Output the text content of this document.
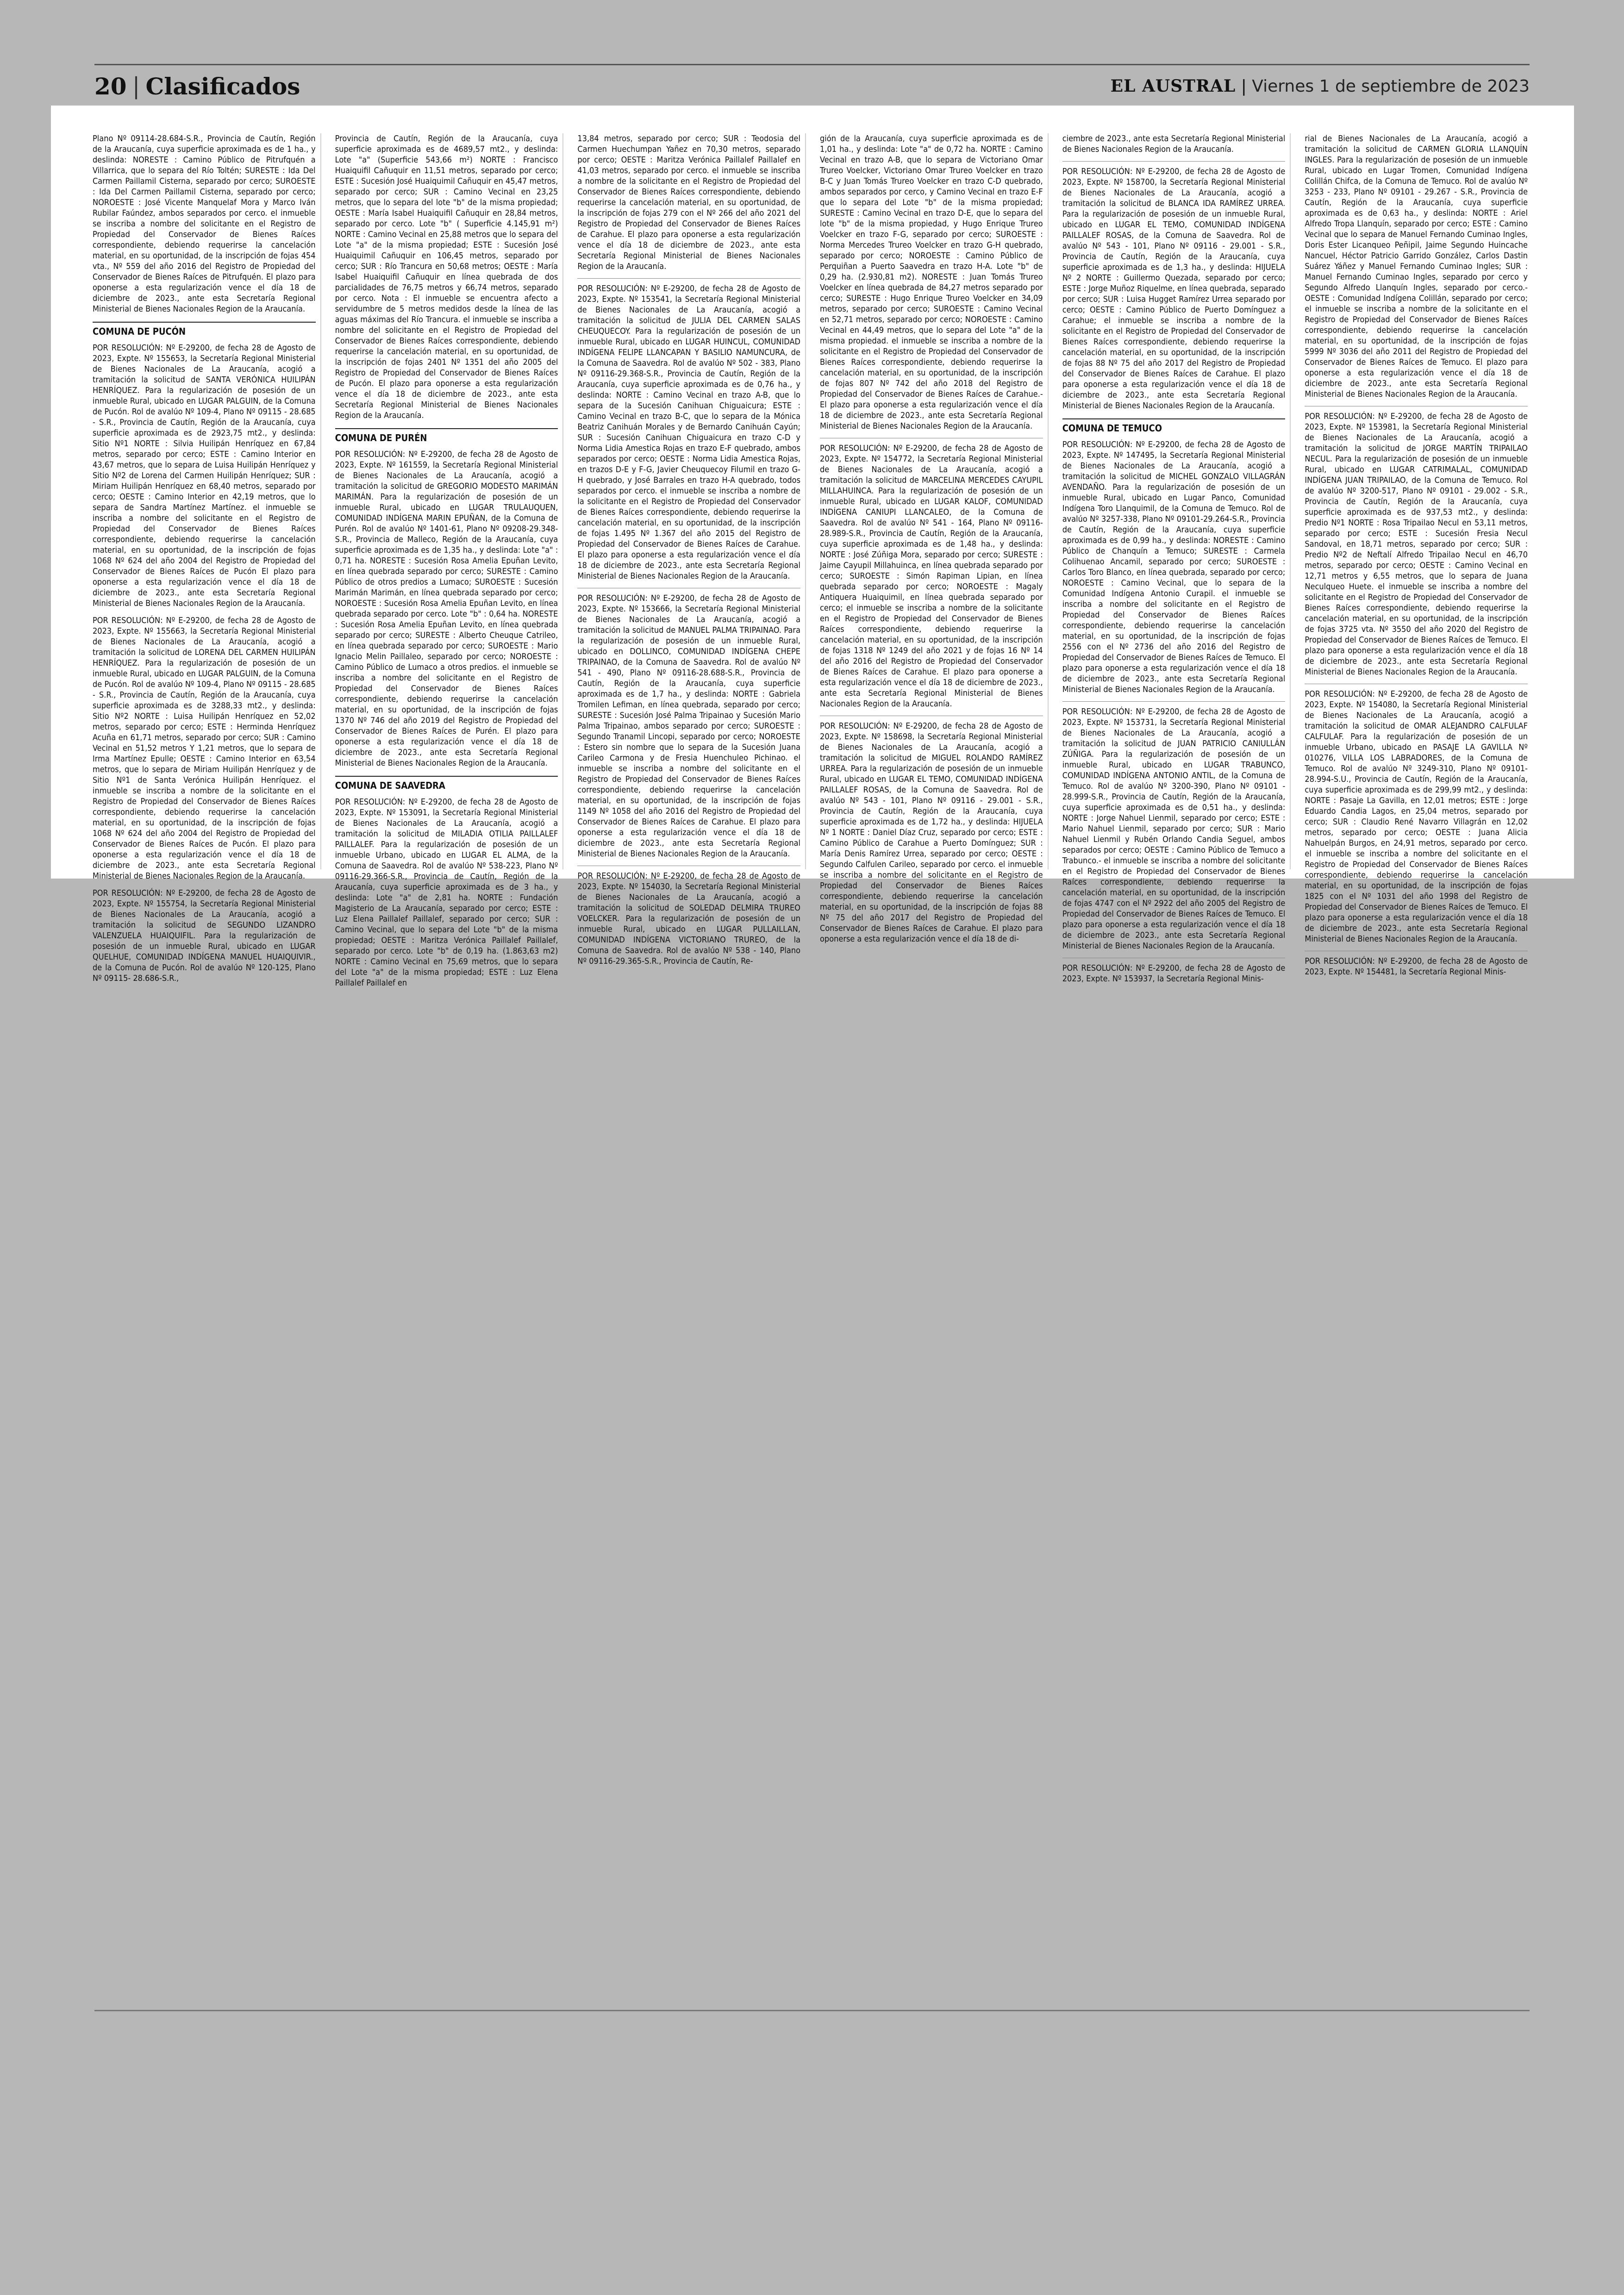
20 | Clasificados	EL AUSTRAL | Viernes 1 de septiembre de 2023

Plano Nº 09114-28.684-S.R., Provincia de Cautín, Región de la Araucanía, cuya superficie aproximada es de 1 ha., y deslinda: NORESTE : Camino Público de Pitrufquén a Villarrica, que lo separa del Río Toltén; SURESTE : Ida Del Carmen Paillamil Cisterna, separado por cerco; SUROESTE : Ida Del Carmen Paillamil Cisterna, separado por cerco; NOROESTE : José Vicente Manquelaf Mora y Marco Iván Rubilar Faúndez, ambos separados por cerco. el inmueble se inscriba a nombre del solicitante en el Registro de Propiedad del Conservador de Bienes Raíces correspondiente, debiendo requerirse la cancelación material, en su oportunidad, de la inscripción de fojas 454 vta., Nº 559 del año 2016 del Registro de Propiedad del Conservador de Bienes Raíces de Pitrufquén. El plazo para oponerse a esta regularización vence el día 18 de diciembre de 2023., ante esta Secretaría Regional Ministerial de Bienes Nacionales Region de la Araucanía.

COMUNA DE PUCÓN

POR RESOLUCIÓN: Nº E-29200, de fecha 28 de Agosto de 2023, Expte. Nº 155653, la Secretaría Regional Ministerial de Bienes Nacionales de La Araucanía, acogió a tramitación la solicitud de SANTA VERÓNICA HUILIPÁN HENRÍQUEZ. Para la regularización de posesión de un inmueble Rural, ubicado en LUGAR PALGUIN, de la Comuna de Pucón. Rol de avalúo Nº 109-4, Plano Nº 09115 - 28.685 - S.R., Provincia de Cautín, Región de la Araucanía, cuya superficie aproximada es de 2923,75 mt2., y deslinda: Sitio Nº1 NORTE : Silvia Huilipán Henríquez en 67,84 metros, separado por cerco; ESTE : Camino Interior en 43,67 metros, que lo separa de Luisa Huilipán Henríquez y Sitio Nº2 de Lorena del Carmen Huilipán Henríquez; SUR : Miriam Huilipán Henríquez en 68,40 metros, separado por cerco; OESTE : Camino Interior en 42,19 metros, que lo separa de Sandra Martínez Martínez. el inmueble se inscriba a nombre del solicitante en el Registro de Propiedad del Conservador de Bienes Raíces correspondiente, debiendo requerirse la cancelación material, en su oportunidad, de la inscripción de fojas 1068 Nº 624 del año 2004 del Registro de Propiedad del Conservador de Bienes Raíces de Pucón El plazo para oponerse a esta regularización vence el día 18 de diciembre de 2023., ante esta Secretaría Regional Ministerial de Bienes Nacionales Region de la Araucanía.

POR RESOLUCIÓN: Nº E-29200, de fecha 28 de Agosto de 2023, Expte. Nº 155663, la Secretaría Regional Ministerial de Bienes Nacionales de La Araucanía, acogió a tramitación la solicitud de LORENA DEL CARMEN HUILIPÁN HENRÍQUEZ. Para la regularización de posesión de un inmueble Rural, ubicado en LUGAR PALGUIN, de la Comuna de Pucón. Rol de avalúo Nº 109-4, Plano Nº 09115 - 28.685 - S.R., Provincia de Cautín, Región de la Araucanía, cuya superficie aproximada es de 3288,33 mt2., y deslinda: Sitio Nº2 NORTE : Luisa Huilipán Henríquez en 52,02 metros, separado por cerco; ESTE : Herminda Henríquez Acuña en 61,71 metros, separado por cerco; SUR : Camino Vecinal en 51,52 metros Y 1,21 metros, que lo separa de Irma Martínez Epulle; OESTE : Camino Interior en 63,54 metros, que lo separa de Miriam Huilipán Henríquez y de Sitio Nº1 de Santa Verónica Huilipán Henríquez. el inmueble se inscriba a nombre de la solicitante en el Registro de Propiedad del Conservador de Bienes Raíces correspondiente, debiendo requerirse la cancelación material, en su oportunidad, de la inscripción de fojas 1068 Nº 624 del año 2004 del Registro de Propiedad del Conservador de Bienes Raíces de Pucón. El plazo para oponerse a esta regularización vence el día 18 de diciembre de 2023., ante esta Secretaría Regional Ministerial de Bienes Nacionales Region de la Araucanía.

POR RESOLUCIÓN: Nº E-29200, de fecha 28 de Agosto de 2023, Expte. Nº 155754, la Secretaría Regional Ministerial de Bienes Nacionales de La Araucanía, acogió a tramitación la solicitud de SEGUNDO LIZANDRO VALENZUELA HUAIQUIFIL. Para la regularización de posesión de un inmueble Rural, ubicado en LUGAR QUELHUE, COMUNIDAD INDÍGENA MANUEL HUAIQUIVIR., de la Comuna de Pucón. Rol de avalúo Nº 120-125, Plano Nº 09115- 28.686-S.R.,

Provincia de Cautín, Región de la Araucanía, cuya superficie aproximada es de 4689,57 mt2., y deslinda: Lote "a" (Superficie 543,66 m²) NORTE : Francisco Huaiquifil Cañuquir en 11,51 metros, separado por cerco; ESTE : Sucesión José Huaiquimil Cañuquir en 45,47 metros, separado por cerco; SUR : Camino Vecinal en 23,25 metros, que lo separa del lote "b" de la misma propiedad; OESTE : María Isabel Huaiquifil Cañuquir en 28,84 metros, separado por cerco. Lote "b" ( Superficie 4.145,91 m²) NORTE : Camino Vecinal en 25,88 metros que lo separa del Lote "a" de la misma propiedad; ESTE : Sucesión José Huaiquimil Cañuquir en 106,45 metros, separado por cerco; SUR : Río Trancura en 50,68 metros; OESTE : María Isabel Huaiquifil Cañuquir en línea quebrada de dos parcialidades de 76,75 metros y 66,74 metros, separado por cerco. Nota : El inmueble se encuentra afecto a servidumbre de 5 metros medidos desde la línea de las aguas máximas del Río Trancura. el inmueble se inscriba a nombre del solicitante en el Registro de Propiedad del Conservador de Bienes Raíces correspondiente, debiendo requerirse la cancelación material, en su oportunidad, de la inscripción de fojas 2401 Nº 1351 del año 2005 del Registro de Propiedad del Conservador de Bienes Raíces de Pucón. El plazo para oponerse a esta regularización vence el día 18 de diciembre de 2023., ante esta Secretaría Regional Ministerial de Bienes Nacionales Region de la Araucanía.

COMUNA DE PURÉN

POR RESOLUCIÓN: Nº E-29200, de fecha 28 de Agosto de 2023, Expte. Nº 161559, la Secretaría Regional Ministerial de Bienes Nacionales de La Araucanía, acogió a tramitación la solicitud de GREGORIO MODESTO MARIMÁN MARIMÁN. Para la regularización de posesión de un inmueble Rural, ubicado en LUGAR TRULAUQUEN, COMUNIDAD INDÍGENA MARIN EPUÑAN, de la Comuna de Purén. Rol de avalúo Nº 1401-61, Plano Nº 09208-29.348-S.R., Provincia de Malleco, Región de la Araucanía, cuya superficie aproximada es de 1,35 ha., y deslinda: Lote "a" : 0,71 ha. NORESTE : Sucesión Rosa Amelia Epuñan Levito, en línea quebrada separado por cerco; SURESTE : Camino Público de otros predios a Lumaco; SUROESTE : Sucesión Marimán Marimán, en línea quebrada separado por cerco; NOROESTE : Sucesión Rosa Amelia Epuñan Levito, en línea quebrada separado por cerco. Lote "b" : 0,64 ha. NORESTE : Sucesión Rosa Amelia Epuñan Levito, en línea quebrada separado por cerco; SURESTE : Alberto Cheuque Catrileo, en línea quebrada separado por cerco; SUROESTE : Mario Ignacio Melin Paillaleo, separado por cerco; NOROESTE : Camino Público de Lumaco a otros predios. el inmueble se inscriba a nombre del solicitante en el Registro de Propiedad del Conservador de Bienes Raíces correspondiente, debiendo requerirse la cancelación material, en su oportunidad, de la inscripción de fojas 1370 Nº 746 del año 2019 del Registro de Propiedad del Conservador de Bienes Raíces de Purén. El plazo para oponerse a esta regularización vence el día 18 de diciembre de 2023., ante esta Secretaría Regional Ministerial de Bienes Nacionales Region de la Araucanía.

COMUNA DE SAAVEDRA

POR RESOLUCIÓN: Nº E-29200, de fecha 28 de Agosto de 2023, Expte. Nº 153091, la Secretaría Regional Ministerial de Bienes Nacionales de La Araucanía, acogió a tramitación la solicitud de MILADIA OTILIA PAILLALEF PAILLALEF. Para la regularización de posesión de un inmueble Urbano, ubicado en LUGAR EL ALMA, de la Comuna de Saavedra. Rol de avalúo Nº 538-223, Plano Nº 09116-29.366-S.R., Provincia de Cautín, Región de la Araucanía, cuya superficie aproximada es de 3 ha., y deslinda: Lote "a" de 2,81 ha. NORTE : Fundación Magisterio de La Araucanía, separado por cerco; ESTE : Luz Elena Paillalef Paillalef, separado por cerco; SUR : Camino Vecinal, que lo separa del Lote "b" de la misma propiedad; OESTE : Maritza Verónica Paillalef Paillalef, separado por cerco. Lote "b" de 0,19 ha. (1.863,63 m2) NORTE : Camino Vecinal en 75,69 metros, que lo separa del Lote "a" de la misma propiedad; ESTE : Luz Elena Paillalef Paillalef en

13,84 metros, separado por cerco; SUR : Teodosia del Carmen Huechumpan Yañez en 70,30 metros, separado por cerco; OESTE : Maritza Verónica Paillalef Paillalef en 41,03 metros, separado por cerco. el inmueble se inscriba a nombre de la solicitante en el Registro de Propiedad del Conservador de Bienes Raíces correspondiente, debiendo requerirse la cancelación material, en su oportunidad, de la inscripción de fojas 279 con el Nº 266 del año 2021 del Registro de Propiedad del Conservador de Bienes Raíces de Carahue. El plazo para oponerse a esta regularización vence el día 18 de diciembre de 2023., ante esta Secretaría Regional Ministerial de Bienes Nacionales Region de la Araucanía.

POR RESOLUCIÓN: Nº E-29200, de fecha 28 de Agosto de 2023, Expte. Nº 153541, la Secretaría Regional Ministerial de Bienes Nacionales de La Araucanía, acogió a tramitación la solicitud de JULIA DEL CARMEN SALAS CHEUQUECOY. Para la regularización de posesión de un inmueble Rural, ubicado en LUGAR HUINCUL, COMUNIDAD INDÍGENA FELIPE LLANCAPAN Y BASILIO NAMUNCURA, de la Comuna de Saavedra. Rol de avalúo Nº 502 - 383, Plano Nº 09116-29.368-S.R., Provincia de Cautín, Región de la Araucanía, cuya superficie aproximada es de 0,76 ha., y deslinda: NORTE : Camino Vecinal en trazo A-B, que lo separa de la Sucesión Canihuan Chiguaicura; ESTE : Camino Vecinal en trazo B-C, que lo separa de la Mónica Beatriz Canihuán Morales y de Bernardo Canihuán Cayún; SUR : Sucesión Canihuan Chiguaicura en trazo C-D y Norma Lidia Amestica Rojas en trazo E-F quebrado, ambos separados por cerco; OESTE : Norma Lidia Amestica Rojas, en trazos D-E y F-G, Javier Cheuquecoy Filumil en trazo G-H quebrado, y José Barrales en trazo H-A quebrado, todos separados por cerco. el inmueble se inscriba a nombre de la solicitante en el Registro de Propiedad del Conservador de Bienes Raíces correspondiente, debiendo requerirse la cancelación material, en su oportunidad, de la inscripción de fojas 1.495 Nº 1.367 del año 2015 del Registro de Propiedad del Conservador de Bienes Raíces de Carahue. El plazo para oponerse a esta regularización vence el día 18 de diciembre de 2023., ante esta Secretaría Regional Ministerial de Bienes Nacionales Region de la Araucanía.

POR RESOLUCIÓN: Nº E-29200, de fecha 28 de Agosto de 2023, Expte. Nº 153666, la Secretaría Regional Ministerial de Bienes Nacionales de La Araucanía, acogió a tramitación la solicitud de MANUEL PALMA TRIPAINAO. Para la regularización de posesión de un inmueble Rural, ubicado en DOLLINCO, COMUNIDAD INDÍGENA CHEPE TRIPAINAO, de la Comuna de Saavedra. Rol de avalúo Nº 541 - 490, Plano Nº 09116-28.688-S.R., Provincia de Cautín, Región de la Araucanía, cuya superficie aproximada es de 1,7 ha., y deslinda: NORTE : Gabriela Tromilen Lefiman, en línea quebrada, separado por cerco; SURESTE : Sucesión José Palma Tripainao y Sucesión Mario Palma Tripainao, ambos separado por cerco; SUROESTE : Segundo Tranamil Lincopi, separado por cerco; NOROESTE : Estero sin nombre que lo separa de la Sucesión Juana Carileo Carmona y de Fresia Huenchuleo Pichinao. el inmueble se inscriba a nombre del solicitante en el Registro de Propiedad del Conservador de Bienes Raíces correspondiente, debiendo requerirse la cancelación material, en su oportunidad, de la inscripción de fojas 1149 Nº 1058 del año 2016 del Registro de Propiedad del Conservador de Bienes Raíces de Carahue. El plazo para oponerse a esta regularización vence el día 18 de diciembre de 2023., ante esta Secretaría Regional Ministerial de Bienes Nacionales Region de la Araucanía.

POR RESOLUCIÓN: Nº E-29200, de fecha 28 de Agosto de 2023, Expte. Nº 154030, la Secretaría Regional Ministerial de Bienes Nacionales de La Araucanía, acogió a tramitación la solicitud de SOLEDAD DELMIRA TRUREO VOELCKER. Para la regularización de posesión de un inmueble Rural, ubicado en LUGAR PULLAILLAN, COMUNIDAD INDÍGENA VICTORIANO TRUREO, de la Comuna de Saavedra. Rol de avalúo Nº 538 - 140, Plano Nº 09116-29.365-S.R., Provincia de Cautín, Re-

gión de la Araucanía, cuya superficie aproximada es de 1,01 ha., y deslinda: Lote "a" de 0,72 ha. NORTE : Camino Vecinal en trazo A-B, que lo separa de Victoriano Omar Trureo Voelcker, Victoriano Omar Trureo Voelcker en trazo B-C y Juan Tomás Trureo Voelcker en trazo C-D quebrado, ambos separados por cerco, y Camino Vecinal en trazo E-F que lo separa del Lote "b" de la misma propiedad; SURESTE : Camino Vecinal en trazo D-E, que lo separa del lote "b" de la misma propiedad, y Hugo Enrique Trureo Voelcker en trazo F-G, separado por cerco; SUROESTE : Norma Mercedes Trureo Voelcker en trazo G-H quebrado, separado por cerco; NOROESTE : Camino Público de Perquiñan a Puerto Saavedra en trazo H-A. Lote "b" de 0,29 ha. (2.930,81 m2). NORESTE : Juan Tomás Trureo Voelcker en línea quebrada de 84,27 metros separado por cerco; SURESTE : Hugo Enrique Trureo Voelcker en 34,09 metros, separado por cerco; SUROESTE : Camino Vecinal en 52,71 metros, separado por cerco; NOROESTE : Camino Vecinal en 44,49 metros, que lo separa del Lote "a" de la misma propiedad. el inmueble se inscriba a nombre de la solicitante en el Registro de Propiedad del Conservador de Bienes Raíces correspondiente, debiendo requerirse la cancelación material, en su oportunidad, de la inscripción de fojas 807 Nº 742 del año 2018 del Registro de Propiedad del Conservador de Bienes Raíces de Carahue.- El plazo para oponerse a esta regularización vence el día 18 de diciembre de 2023., ante esta Secretaría Regional Ministerial de Bienes Nacionales Region de la Araucanía.

POR RESOLUCIÓN: Nº E-29200, de fecha 28 de Agosto de 2023, Expte. Nº 154772, la Secretaría Regional Ministerial de Bienes Nacionales de La Araucanía, acogió a tramitación la solicitud de MARCELINA MERCEDES CAYUPIL MILLAHUINCA. Para la regularización de posesión de un inmueble Rural, ubicado en LUGAR KALOF, COMUNIDAD INDÍGENA CANIUPI LLANCALEO, de la Comuna de Saavedra. Rol de avalúo Nº 541 - 164, Plano Nº 09116-28.989-S.R., Provincia de Cautín, Región de la Araucanía, cuya superficie aproximada es de 1,48 ha., y deslinda: NORTE : José Zúñiga Mora, separado por cerco; SURESTE : Jaime Cayupil Millahuinca, en línea quebrada separado por cerco; SUROESTE : Simón Rapiman Lipian, en línea quebrada separado por cerco; NOROESTE : Magaly Antiquera Huaiquimil, en línea quebrada separado por cerco; el inmueble se inscriba a nombre de la solicitante en el Registro de Propiedad del Conservador de Bienes Raíces correspondiente, debiendo requerirse la cancelación material, en su oportunidad, de la inscripción de fojas 1318 Nº 1249 del año 2021 y de fojas 16 Nº 14 del año 2016 del Registro de Propiedad del Conservador de Bienes Raíces de Carahue. El plazo para oponerse a esta regularización vence el día 18 de diciembre de 2023., ante esta Secretaría Regional Ministerial de Bienes Nacionales Region de la Araucanía.

POR RESOLUCIÓN: Nº E-29200, de fecha 28 de Agosto de 2023, Expte. Nº 158698, la Secretaría Regional Ministerial de Bienes Nacionales de La Araucanía, acogió a tramitación la solicitud de MIGUEL ROLANDO RAMÍREZ URREA. Para la regularización de posesión de un inmueble Rural, ubicado en LUGAR EL TEMO, COMUNIDAD INDÍGENA PAILLALEF ROSAS, de la Comuna de Saavedra. Rol de avalúo Nº 543 - 101, Plano Nº 09116 - 29.001 - S.R., Provincia de Cautín, Región de la Araucanía, cuya superficie aproximada es de 1,72 ha., y deslinda: HIJUELA Nº 1 NORTE : Daniel Díaz Cruz, separado por cerco; ESTE : Camino Público de Carahue a Puerto Domínguez; SUR : María Denis Ramírez Urrea, separado por cerco; OESTE : Segundo Calfulen Carileo, separado por cerco. el inmueble se inscriba a nombre del solicitante en el Registro de Propiedad del Conservador de Bienes Raíces correspondiente, debiendo requerirse la cancelación material, en su oportunidad, de la inscripción de fojas 88 Nº 75 del año 2017 del Registro de Propiedad del Conservador de Bienes Raíces de Carahue. El plazo para oponerse a esta regularización vence el día 18 de di-

ciembre de 2023., ante esta Secretaría Regional Ministerial de Bienes Nacionales Region de la Araucanía.

POR RESOLUCIÓN: Nº E-29200, de fecha 28 de Agosto de 2023, Expte. Nº 158700, la Secretaría Regional Ministerial de Bienes Nacionales de La Araucanía, acogió a tramitación la solicitud de BLANCA IDA RAMÍREZ URREA. Para la regularización de posesión de un inmueble Rural, ubicado en LUGAR EL TEMO, COMUNIDAD INDÍGENA PAILLALEF ROSAS, de la Comuna de Saavedra. Rol de avalúo Nº 543 - 101, Plano Nº 09116 - 29.001 - S.R., Provincia de Cautín, Región de la Araucanía, cuya superficie aproximada es de 1,3 ha., y deslinda: HIJUELA Nº 2 NORTE : Guillermo Quezada, separado por cerco; ESTE : Jorge Muñoz Riquelme, en línea quebrada, separado por cerco; SUR : Luisa Hugget Ramírez Urrea separado por cerco; OESTE : Camino Público de Puerto Domínguez a Carahue; el inmueble se inscriba a nombre de la solicitante en el Registro de Propiedad del Conservador de Bienes Raíces correspondiente, debiendo requerirse la cancelación material, en su oportunidad, de la inscripción de fojas 88 Nº 75 del año 2017 del Registro de Propiedad del Conservador de Bienes Raíces de Carahue. El plazo para oponerse a esta regularización vence el día 18 de diciembre de 2023., ante esta Secretaría Regional Ministerial de Bienes Nacionales Region de la Araucanía.

COMUNA DE TEMUCO

POR RESOLUCIÓN: Nº E-29200, de fecha 28 de Agosto de 2023, Expte. Nº 147495, la Secretaría Regional Ministerial de Bienes Nacionales de La Araucanía, acogió a tramitación la solicitud de MICHEL GONZALO VILLAGRÁN AVENDAÑO. Para la regularización de posesión de un inmueble Rural, ubicado en Lugar Panco, Comunidad Indígena Toro Llanquimil, de la Comuna de Temuco. Rol de avalúo Nº 3257-338, Plano Nº 09101-29.264-S.R., Provincia de Cautín, Región de la Araucanía, cuya superficie aproximada es de 0,99 ha., y deslinda: NORESTE : Camino Público de Chanquín a Temuco; SURESTE : Carmela Colihuenao Ancamil, separado por cerco; SUROESTE : Carlos Toro Blanco, en línea quebrada, separado por cerco; NOROESTE : Camino Vecinal, que lo separa de la Comunidad Indígena Antonio Curapil. el inmueble se inscriba a nombre del solicitante en el Registro de Propiedad del Conservador de Bienes Raíces correspondiente, debiendo requerirse la cancelación material, en su oportunidad, de la inscripción de fojas 2556 con el Nº 2736 del año 2016 del Registro de Propiedad del Conservador de Bienes Raíces de Temuco. El plazo para oponerse a esta regularización vence el día 18 de diciembre de 2023., ante esta Secretaría Regional Ministerial de Bienes Nacionales Region de la Araucanía.

POR RESOLUCIÓN: Nº E-29200, de fecha 28 de Agosto de 2023, Expte. Nº 153731, la Secretaría Regional Ministerial de Bienes Nacionales de La Araucanía, acogió a tramitación la solicitud de JUAN PATRICIO CANIULLÁN ZÚÑIGA. Para la regularización de posesión de un inmueble Rural, ubicado en LUGAR TRABUNCO, COMUNIDAD INDÍGENA ANTONIO ANTIL, de la Comuna de Temuco. Rol de avalúo Nº 3200-390, Plano Nº 09101 - 28.999-S.R., Provincia de Cautín, Región de la Araucanía, cuya superficie aproximada es de 0,51 ha., y deslinda: NORTE : Jorge Nahuel Lienmil, separado por cerco; ESTE : Mario Nahuel Lienmil, separado por cerco; SUR : Mario Nahuel Lienmil y Rubén Orlando Candia Seguel, ambos separados por cerco; OESTE : Camino Público de Temuco a Trabunco.- el inmueble se inscriba a nombre del solicitante en el Registro de Propiedad del Conservador de Bienes Raíces correspondiente, debiendo requerirse la cancelación material, en su oportunidad, de la inscripción de fojas 4747 con el Nº 2922 del año 2005 del Registro de Propiedad del Conservador de Bienes Raíces de Temuco. El plazo para oponerse a esta regularización vence el día 18 de diciembre de 2023., ante esta Secretaría Regional Ministerial de Bienes Nacionales Region de la Araucanía.

POR RESOLUCIÓN: Nº E-29200, de fecha 28 de Agosto de 2023, Expte. Nº 153937, la Secretaría Regional Minis-

rial de Bienes Nacionales de La Araucanía, acogió a tramitación la solicitud de CARMEN GLORIA LLANQUÍN INGLES. Para la regularización de posesión de un inmueble Rural, ubicado en Lugar Tromen, Comunidad Indígena Colillán Chifca, de la Comuna de Temuco. Rol de avalúo Nº 3253 - 233, Plano Nº 09101 - 29.267 - S.R., Provincia de Cautín, Región de la Araucanía, cuya superficie aproximada es de 0,63 ha., y deslinda: NORTE : Ariel Alfredo Tropa Llanquín, separado por cerco; ESTE : Camino Vecinal que lo separa de Manuel Fernando Cuminao Ingles, Doris Ester Licanqueo Peñipil, Jaime Segundo Huincache Nancuel, Héctor Patricio Garrido González, Carlos Dastin Suárez Yáñez y Manuel Fernando Cuminao Ingles; SUR : Manuel Fernando Cuminao Ingles, separado por cerco y Segundo Alfredo Llanquín Ingles, separado por cerco.- OESTE : Comunidad Indígena Colillán, separado por cerco; el inmueble se inscriba a nombre de la solicitante en el Registro de Propiedad del Conservador de Bienes Raíces correspondiente, debiendo requerirse la cancelación material, en su oportunidad, de la inscripción de fojas 5999 Nº 3036 del año 2011 del Registro de Propiedad del Conservador de Bienes Raíces de Temuco. El plazo para oponerse a esta regularización vence el día 18 de diciembre de 2023., ante esta Secretaría Regional Ministerial de Bienes Nacionales Region de la Araucanía.

POR RESOLUCIÓN: Nº E-29200, de fecha 28 de Agosto de 2023, Expte. Nº 153981, la Secretaría Regional Ministerial de Bienes Nacionales de La Araucanía, acogió a tramitación la solicitud de JORGE MARTÍN TRIPAILAO NECUL. Para la regularización de posesión de un inmueble Rural, ubicado en LUGAR CATRIMALAL, COMUNIDAD INDÍGENA JUAN TRIPAILAO, de la Comuna de Temuco. Rol de avalúo Nº 3200-517, Plano Nº 09101 - 29.002 - S.R., Provincia de Cautín, Región de la Araucanía, cuya superficie aproximada es de 937,53 mt2., y deslinda: Predio Nº1 NORTE : Rosa Tripailao Necul en 53,11 metros, separado por cerco; ESTE : Sucesión Fresia Necul Sandoval, en 18,71 metros, separado por cerco; SUR : Predio Nº2 de Neftalí Alfredo Tripailao Necul en 46,70 metros, separado por cerco; OESTE : Camino Vecinal en 12,71 metros y 6,55 metros, que lo separa de Juana Neculqueo Huete. el inmueble se inscriba a nombre del solicitante en el Registro de Propiedad del Conservador de Bienes Raíces correspondiente, debiendo requerirse la cancelación material, en su oportunidad, de la inscripción de fojas 3725 vta. Nº 3550 del año 2020 del Registro de Propiedad del Conservador de Bienes Raíces de Temuco. El plazo para oponerse a esta regularización vence el día 18 de diciembre de 2023., ante esta Secretaría Regional Ministerial de Bienes Nacionales Region de la Araucanía.

POR RESOLUCIÓN: Nº E-29200, de fecha 28 de Agosto de 2023, Expte. Nº 154080, la Secretaría Regional Ministerial de Bienes Nacionales de La Araucanía, acogió a tramitación la solicitud de OMAR ALEJANDRO CALFULAF CALFULAF. Para la regularización de posesión de un inmueble Urbano, ubicado en PASAJE LA GAVILLA Nº 010276, VILLA LOS LABRADORES, de la Comuna de Temuco. Rol de avalúo Nº 3249-310, Plano Nº 09101-28.994-S.U., Provincia de Cautín, Región de la Araucanía, cuya superficie aproximada es de 299,99 mt2., y deslinda: NORTE : Pasaje La Gavilla, en 12,01 metros; ESTE : Jorge Eduardo Candia Lagos, en 25,04 metros, separado por cerco; SUR : Claudio René Navarro Villagrán en 12,02 metros, separado por cerco; OESTE : Juana Alicia Nahuelpán Burgos, en 24,91 metros, separado por cerco. el inmueble se inscriba a nombre del solicitante en el Registro de Propiedad del Conservador de Bienes Raíces correspondiente, debiendo requerirse la cancelación material, en su oportunidad, de la inscripción de fojas 1825 con el Nº 1031 del año 1998 del Registro de Propiedad del Conservador de Bienes Raíces de Temuco. El plazo para oponerse a esta regularización vence el día 18 de diciembre de 2023., ante esta Secretaría Regional Ministerial de Bienes Nacionales Region de la Araucanía.

POR RESOLUCIÓN: Nº E-29200, de fecha 28 de Agosto de 2023, Expte. Nº 154481, la Secretaría Regional Minis-
